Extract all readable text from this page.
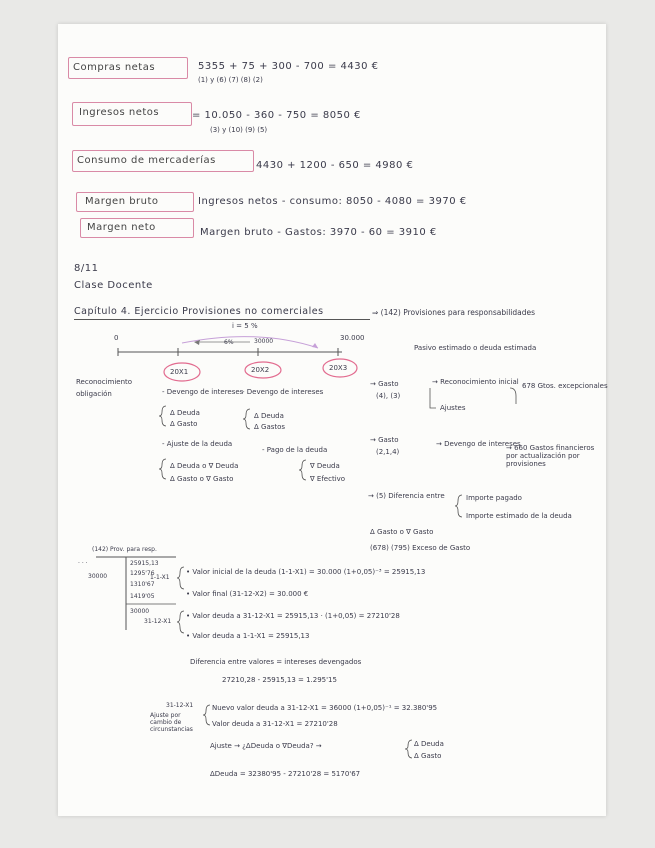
Compras netas	5355 + 75 + 300 - 700 = 4430 €
(1) y (6) (7) (8) (2)
Ingresos netos	= 10.050 - 360 - 750 = 8050 €
(3) y (10) (9) (5)
Consumo de mercaderías	4430 + 1200 - 650 = 4980 €
Margen bruto	Ingresos netos - consumo: 8050 - 4080 = 3970 €
Margen neto	Margen bruto - Gastos: 3970 - 60 = 3910 €
8/11
Clase Docente
Capítulo 4. Ejercicio Provisiones no comerciales	⇒ (142) Provisiones para responsabilidades
Pasivo estimado o deuda estimada
i = 5 %
6%	30000
0	30.000
20X1	20X2	20X3
Reconocimiento
obligación	- Devengo de intereses
Δ Deuda
Δ Gasto
- Ajuste de la deuda
Δ Deuda o ∇ Deuda
Δ Gasto o ∇ Gasto
- Devengo de intereses
Δ Deuda
Δ Gastos
- Pago de la deuda
∇ Deuda
∇ Efectivo
→ Gasto
(4), (3)
→ Reconocimiento inicial 678 Gtos. excepcionales
Ajustes
→ Gasto
(2,1,4)
→ Devengo de intereses
→ 660 Gastos financieros por actualización por provisiones
→ (5) Diferencia entre	Importe pagado
Importe estimado de la deuda
Δ Gasto o ∇ Gasto
(678) (795) Exceso de Gasto
(142) Prov. para resp.
· · ·
30000
25915,13
1295'76
1310'67
1419'05
30000
1-1-X1
• Valor inicial de la deuda (1-1-X1) = 30.000 (1+0,05)⁻³ = 25915,13
• Valor final (31-12-X2) = 30.000 €
31-12-X1
• Valor deuda a 31-12-X1 = 25915,13 · (1+0,05) = 27210'28
• Valor deuda a 1-1-X1 = 25915,13
Diferencia entre valores = intereses devengados
27210,28 - 25915,13 = 1.295'15
31-12-X1
Ajuste por cambio de circunstancias
Nuevo valor deuda a 31-12-X1 = 36000 (1+0,05)⁻¹ = 32.380'95
Valor deuda a 31-12-X1 = 27210'28
Ajuste → ¿ΔDeuda o ∇Deuda? →	Δ Deuda
Δ Gasto
ΔDeuda = 32380'95 - 27210'28 = 5170'67
